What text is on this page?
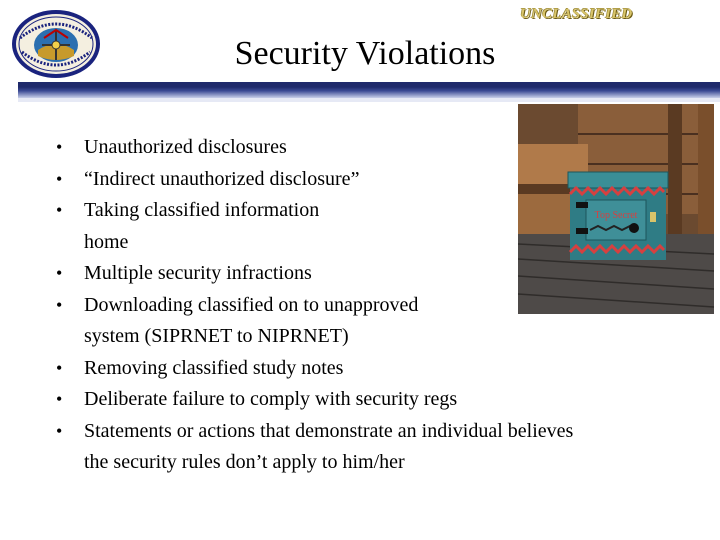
UNCLASSIFIED
Security Violations
Top Secret
• Unauthorized disclosures
• “Indirect unauthorized disclosure”
• Taking classified information
home
• Multiple security infractions
• Downloading classified on to unapproved
system (SIPRNET to NIPRNET)
• Removing classified study notes
• Deliberate failure to comply with security regs
• Statements or actions that demonstrate an individual believes
the security rules don’t apply to him/her
